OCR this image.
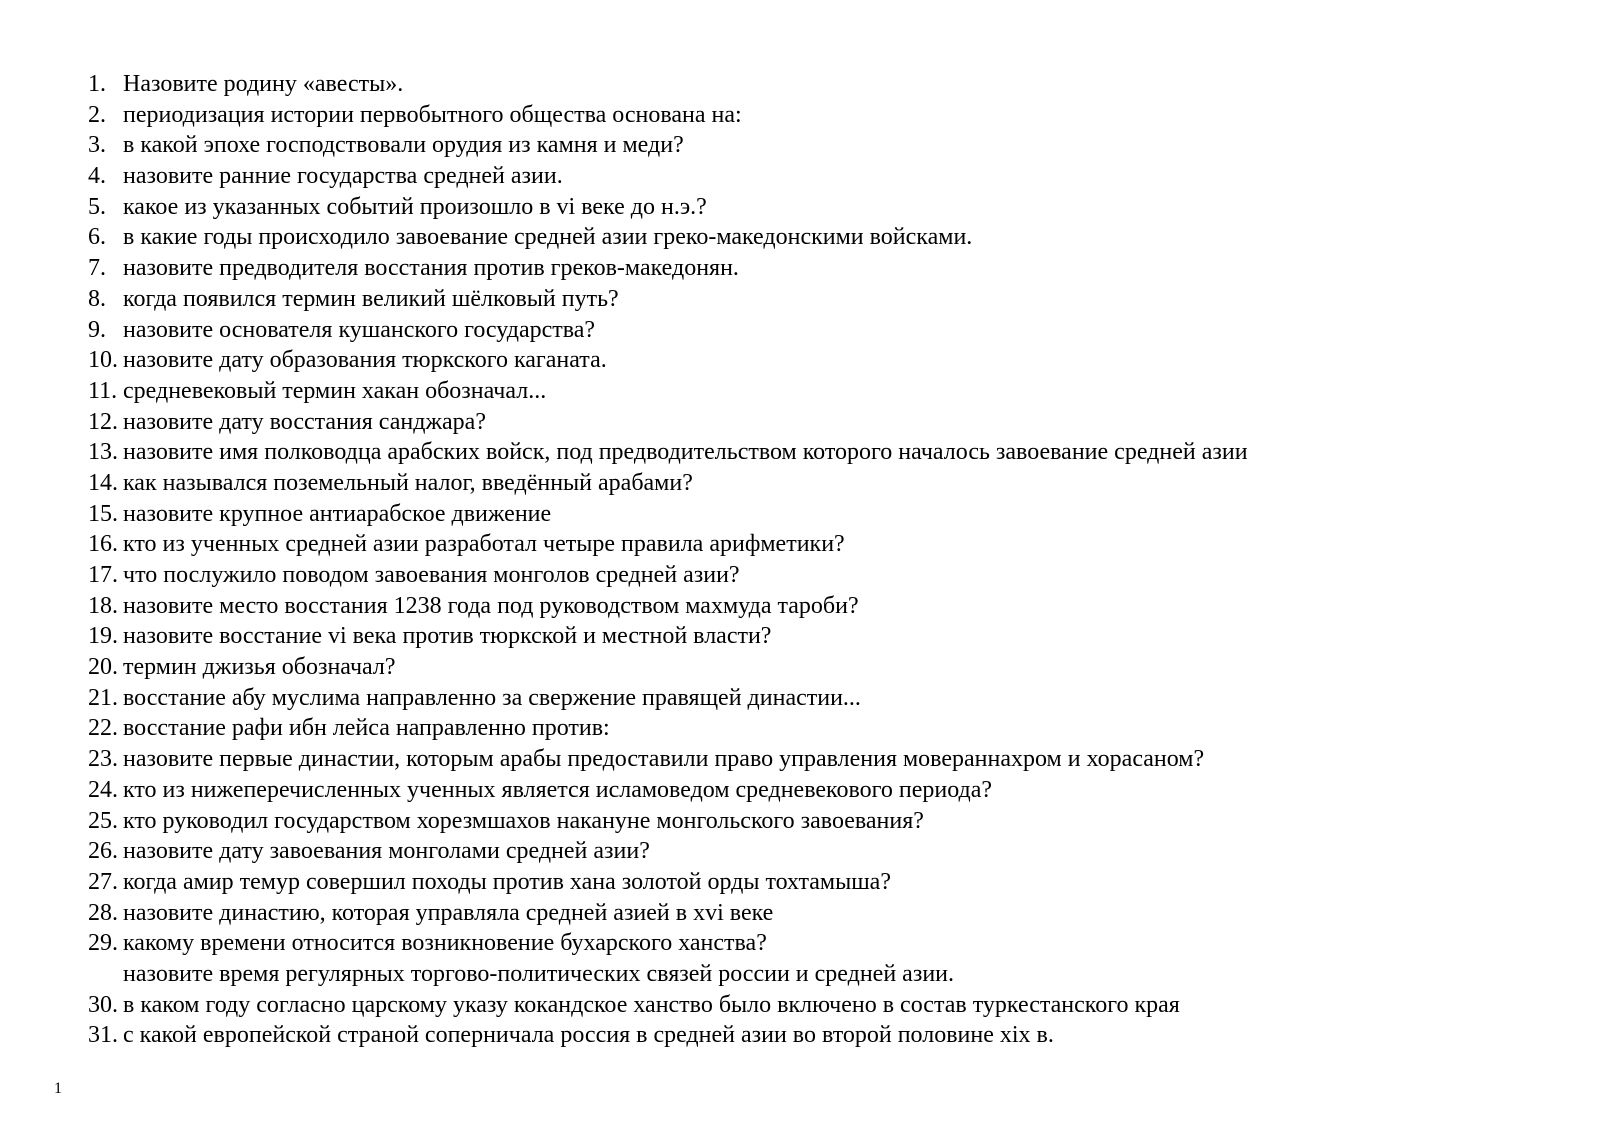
1. Назовите родину «авесты».
2. периодизация истории первобытного общества основана на:
3. в какой эпохе господствовали орудия из камня и меди?
4. назовите ранние государства средней азии.
5. какое из указанных событий произошло в vi веке до н.э.?
6. в какие годы происходило завоевание средней азии греко-македонскими войсками.
7. назовите предводителя восстания против греков-македонян.
8. когда появился термин великий шёлковый путь?
9. назовите основателя кушанского государства?
10. назовите дату образования тюркского каганата.
11. средневековый термин хакан обозначал...
12. назовите дату восстания санджара?
13. назовите имя полководца арабских войск, под предводительством которого началось завоевание средней азии
14. как назывался поземельный налог, введённый арабами?
15. назовите крупное антиарабское движение
16. кто из ученных средней азии разработал четыре правила арифметики?
17. что послужило поводом завоевания монголов средней азии?
18. назовите место восстания 1238 года под руководством махмуда тароби?
19. назовите восстание vi века против тюркской и местной власти?
20. термин джизья обозначал?
21. восстание абу муслима направленно за свержение правящей династии...
22. восстание рафи ибн лейса направленно против:
23. назовите первые династии, которым арабы предоставили право управления мовераннахром и хорасаном?
24. кто из нижеперечисленных ученных является исламоведом средневекового периода?
25. кто руководил государством хорезмшахов накануне монгольского завоевания?
26. назовите дату завоевания монголами средней азии?
27. когда амир темур совершил походы против хана золотой орды тохтамыша?
28. назовите династию, которая управляла средней азией в xvi веке
29. какому времени относится возникновение бухарского ханства?
назовите время регулярных торгово-политических связей россии и средней азии.
30. в каком году согласно царскому указу кокандское ханство было включено в состав туркестанского края
31. с какой европейской страной соперничала россия в средней азии во второй половине xix в.
1
